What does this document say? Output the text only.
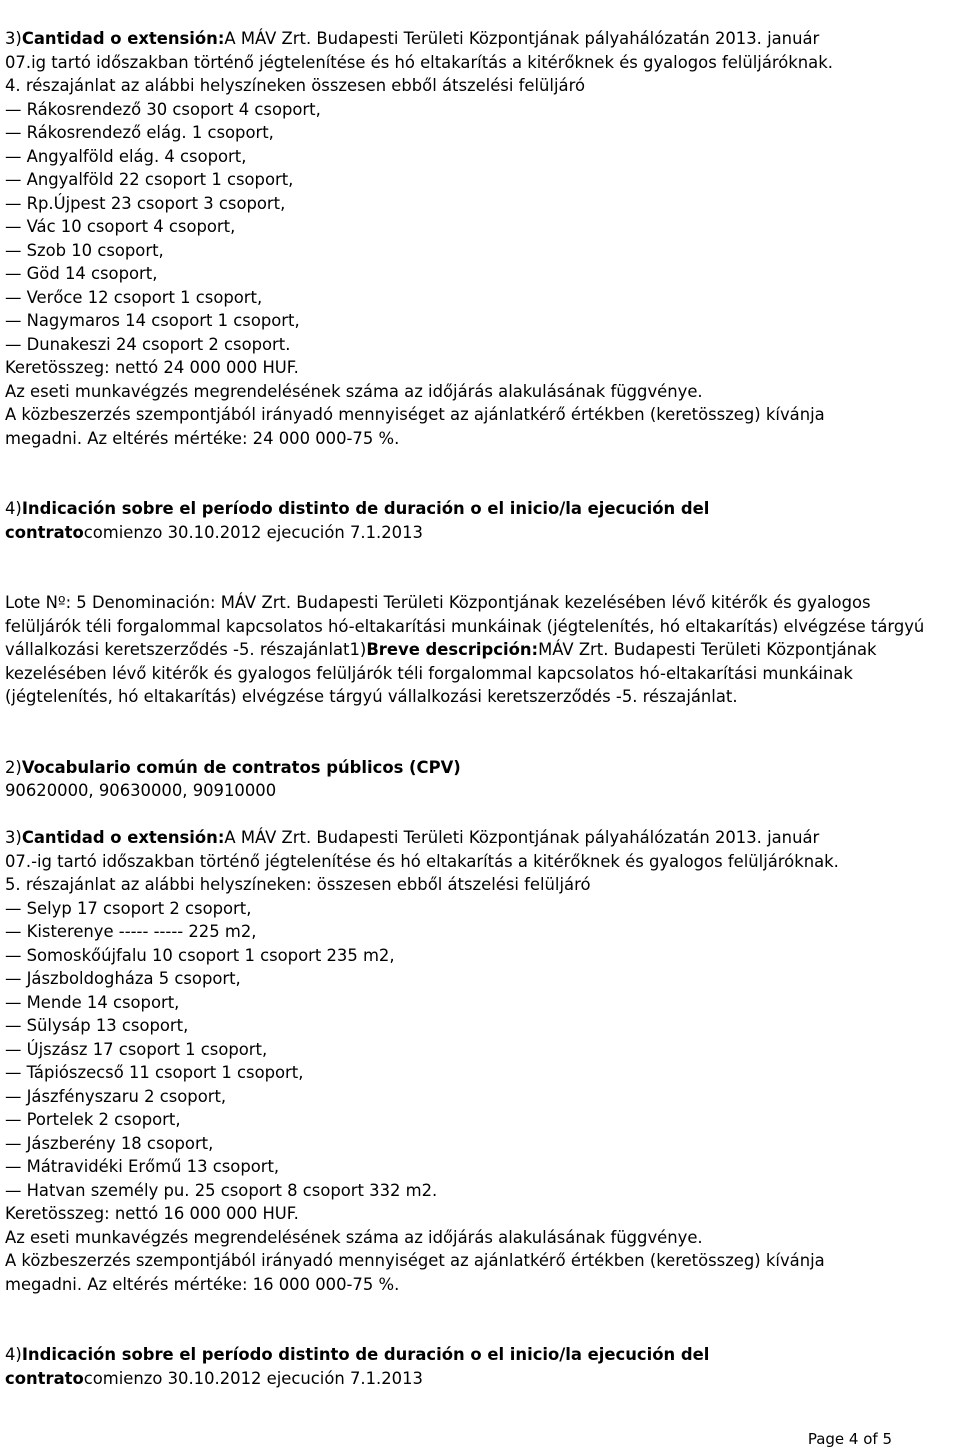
3)Cantidad o extensión:A MÁV Zrt. Budapesti Területi Központjának pályahálózatán 2013. január
07.ig tartó időszakban történő jégtelenítése és hó eltakarítás a kitérőknek és gyalogos felüljáróknak.
4. részajánlat az alábbi helyszíneken összesen ebből átszelési felüljáró
— Rákosrendező 30 csoport 4 csoport,
— Rákosrendező elág. 1 csoport,
— Angyalföld elág. 4 csoport,
— Angyalföld 22 csoport 1 csoport,
— Rp.Újpest 23 csoport 3 csoport,
— Vác 10 csoport 4 csoport,
— Szob 10 csoport,
— Göd 14 csoport,
— Verőce 12 csoport 1 csoport,
— Nagymaros 14 csoport 1 csoport,
— Dunakeszi 24 csoport 2 csoport.
Keretösszeg: nettó 24 000 000 HUF.
Az eseti munkavégzés megrendelésének száma az időjárás alakulásának függvénye.
A közbeszerzés szempontjából irányadó mennyiséget az ajánlatkérő értékben (keretösszeg) kívánja
megadni. Az eltérés mértéke: 24 000 000-75 %.
4)Indicación sobre el período distinto de duración o el inicio/la ejecución del
contratocomienzo 30.10.2012 ejecución 7.1.2013
Lote Nº: 5 Denominación: MÁV Zrt. Budapesti Területi Központjának kezelésében lévő kitérők és gyalogos felüljárók téli forgalommal kapcsolatos hó-eltakarítási munkáinak (jégtelenítés, hó eltakarítás) elvégzése tárgyú vállalkozási keretszerződés -5. részajánlat1)Breve descripción:MÁV Zrt. Budapesti Területi Központjának kezelésében lévő kitérők és gyalogos felüljárók téli forgalommal kapcsolatos hó-eltakarítási munkáinak (jégtelenítés, hó eltakarítás) elvégzése tárgyú vállalkozási keretszerződés -5. részajánlat.
2)Vocabulario común de contratos públicos (CPV)
90620000, 90630000, 90910000
3)Cantidad o extensión:A MÁV Zrt. Budapesti Területi Központjának pályahálózatán 2013. január
07.-ig tartó időszakban történő jégtelenítése és hó eltakarítás a kitérőknek és gyalogos felüljáróknak.
5. részajánlat az alábbi helyszíneken: összesen ebből átszelési felüljáró
— Selyp 17 csoport 2 csoport,
— Kisterenye ----- ----- 225 m2,
— Somoskőújfalu 10 csoport 1 csoport 235 m2,
— Jászboldogháza 5 csoport,
— Mende 14 csoport,
— Sülysáp 13 csoport,
— Újszász 17 csoport 1 csoport,
— Tápiószecső 11 csoport 1 csoport,
— Jászfényszaru 2 csoport,
— Portelek 2 csoport,
— Jászberény 18 csoport,
— Mátravidéki Erőmű 13 csoport,
— Hatvan személy pu. 25 csoport 8 csoport 332 m2.
Keretösszeg: nettó 16 000 000 HUF.
Az eseti munkavégzés megrendelésének száma az időjárás alakulásának függvénye.
A közbeszerzés szempontjából irányadó mennyiséget az ajánlatkérő értékben (keretösszeg) kívánja
megadni. Az eltérés mértéke: 16 000 000-75 %.
4)Indicación sobre el período distinto de duración o el inicio/la ejecución del
contratocomienzo 30.10.2012 ejecución 7.1.2013
Page 4 of 5
